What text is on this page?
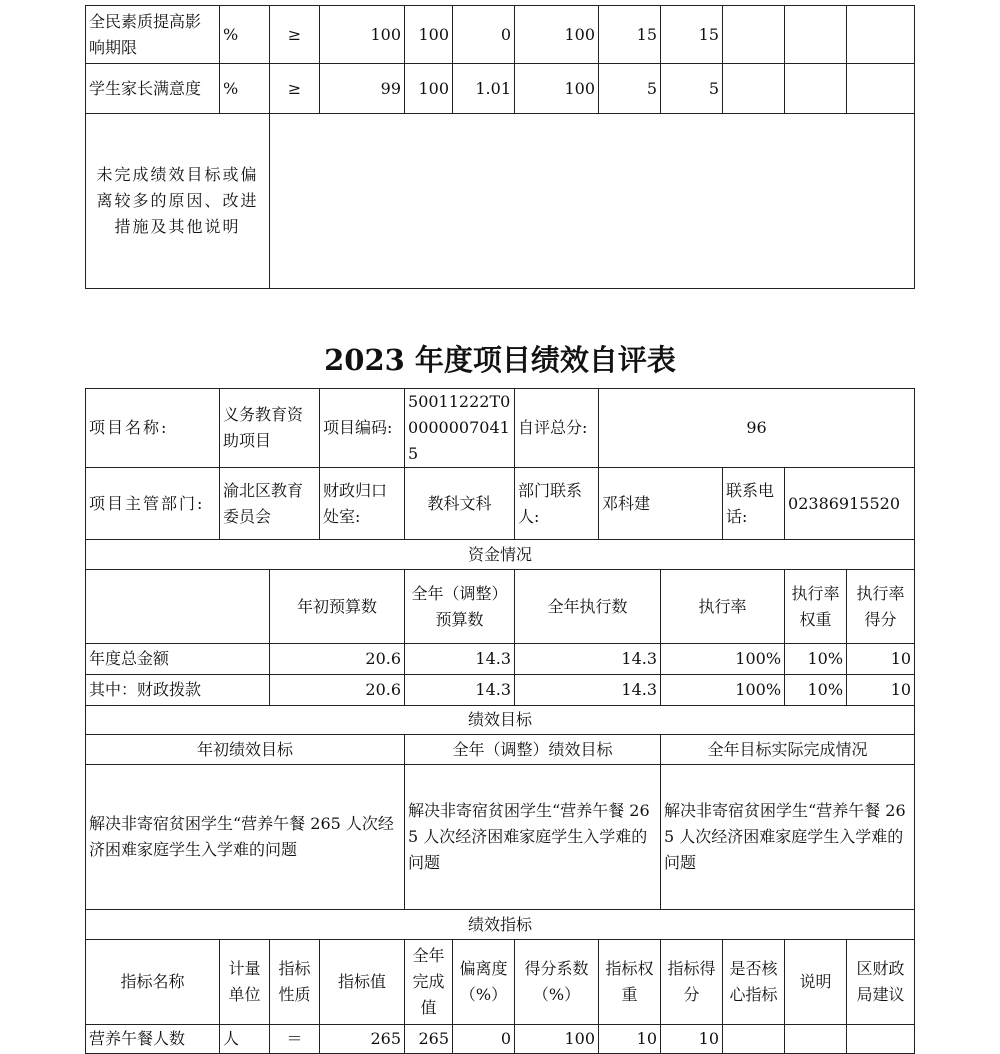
全民素质提高影响期限	%	≥	100	100	0	100	15	15			
学生家长满意度	%	≥	99	100	1.01	100	5	5			
未完成绩效目标或偏离较多的原因、改进措施及其他说明											
2023 年度项目绩效自评表
项目名称:	义务教育资助项目		项目编码:	50011222T000000070415		自评总分:	96				
项目主管部门:	渝北区教育委员会		财政归口处室:	教科文科		部门联系人:	邓科建		联系电话:	02386915520	
资金情况											
		年初预算数		全年（调整）预算数		全年执行数		执行率		执行率权重	执行率得分
年度总金额		20.6		14.3		14.3		100%		10%	10
其中：财政拨款		20.6		14.3		14.3		100%		10%	10
绩效目标											
年初绩效目标				全年（调整）绩效目标				全年目标实际完成情况			
解决非寄宿贫困学生“营养午餐 265 人次经济困难家庭学生入学难的问题				解决非寄宿贫困学生“营养午餐 265 人次经济困难家庭学生入学难的问题				解决非寄宿贫困学生“营养午餐 265 人次经济困难家庭学生入学难的问题			
绩效指标											
指标名称	计量单位	指标性质	指标值	全年完成值	偏离度（%）	得分系数（%）	指标权重	指标得分	是否核心指标	说明	区财政局建议
营养午餐人数	人	＝	265	265	0	100	10	10			
